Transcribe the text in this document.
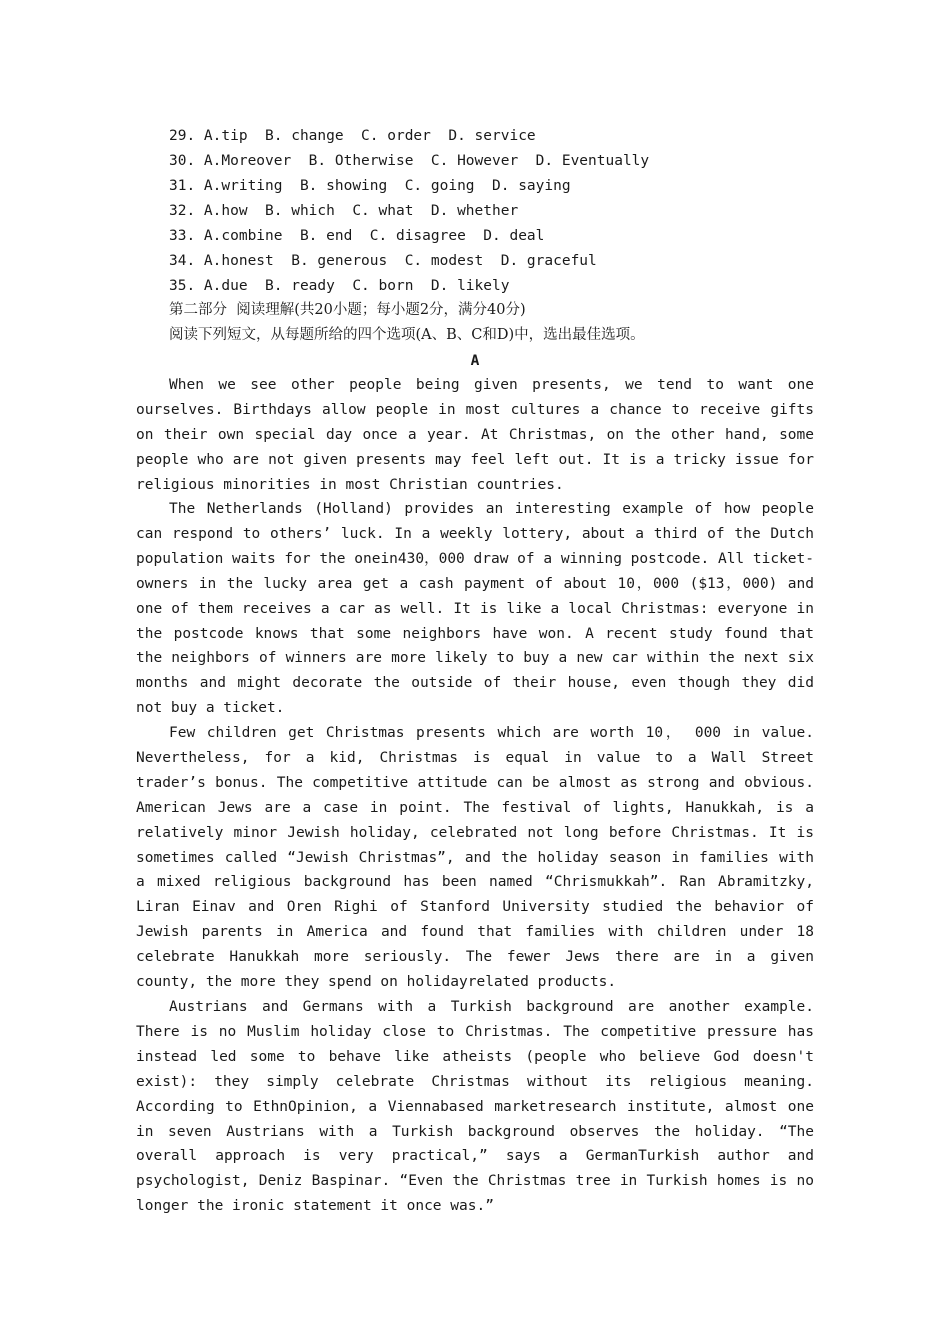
29. A.tip  B. change  C. order  D. service
30. A.Moreover  B. Otherwise  C. However  D. Eventually
31. A.writing  B. showing  C. going  D. saying
32. A.how  B. which  C. what  D. whether
33. A.combine  B. end  C. disagree  D. deal
34. A.honest  B. generous  C. modest  D. graceful
35. A.due  B. ready  C. born  D. likely
第二部分  阅读理解(共20小题；每小题2分，满分40分)
阅读下列短文，从每题所给的四个选项(A、B、C和D)中，选出最佳选项。
A

When we see other people being given presents, we tend to want one ourselves. Birthdays allow people in most cultures a chance to receive gifts on their own special day once a year. At Christmas, on the other hand, some people who are not given presents may feel left out. It is a tricky issue for religious minorities in most Christian countries.

The Netherlands (Holland) provides an interesting example of how people can respond to others’ luck. In a weekly lottery, about a third of the Dutch population waits for the onein430，000 draw of a winning postcode. All ticket-owners in the lucky area get a cash payment of about 10，000 ($13，000) and one of them receives a car as well. It is like a local Christmas: everyone in the postcode knows that some neighbors have won. A recent study found that the neighbors of winners are more likely to buy a new car within the next six months and might decorate the outside of their house, even though they did not buy a ticket.

Few children get Christmas presents which are worth 10， 000 in value. Nevertheless, for a kid, Christmas is equal in value to a Wall Street trader’s bonus. The competitive attitude can be almost as strong and obvious. American Jews are a case in point. The festival of lights, Hanukkah, is a relatively minor Jewish holiday, celebrated not long before Christmas. It is sometimes called “Jewish Christmas”, and the holiday season in families with a mixed religious background has been named “Chrismukkah”. Ran Abramitzky, Liran Einav and Oren Righi of Stanford University studied the behavior of Jewish parents in America and found that families with children under 18 celebrate Hanukkah more seriously. The fewer Jews there are in a given county, the more they spend on holidayrelated products.

Austrians and Germans with a Turkish background are another example. There is no Muslim holiday close to Christmas. The competitive pressure has instead led some to behave like atheists (people who believe God doesn't exist): they simply celebrate Christmas without its religious meaning. According to EthnOpinion, a Viennabased marketresearch institute, almost one in seven Austrians with a Turkish background observes the holiday. “The overall approach is very practical,” says a GermanTurkish author and psychologist, Deniz Baspinar. “Even the Christmas tree in Turkish homes is no longer the ironic statement it once was.”
